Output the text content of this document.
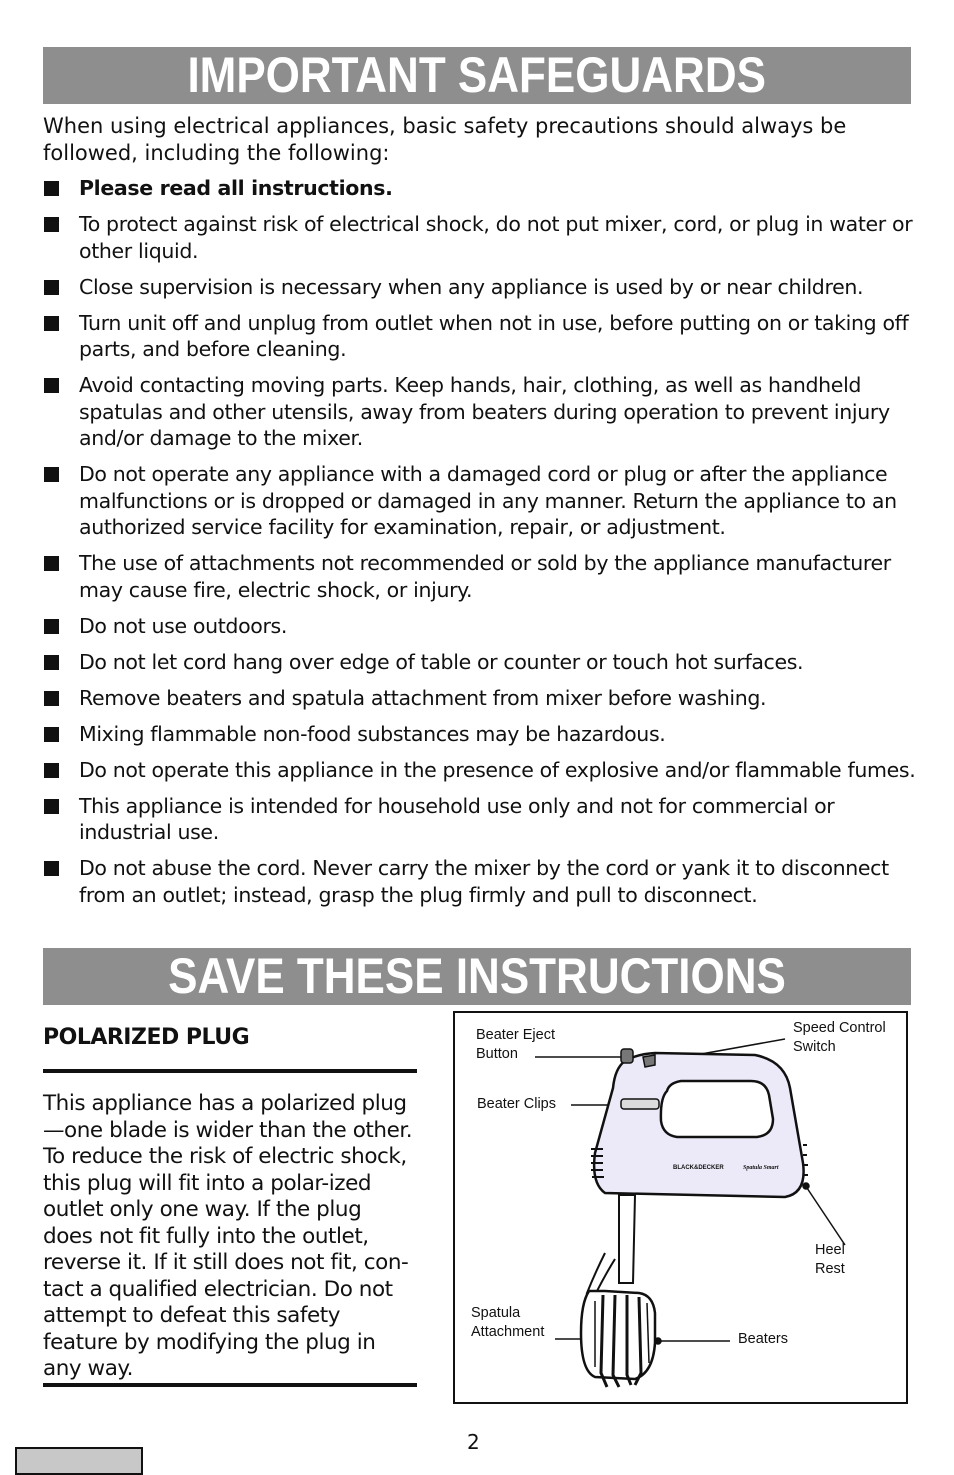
IMPORTANT SAFEGUARDS

When using electrical appliances, basic safety precautions should always be followed, including the following:

Please read all instructions.
To protect against risk of electrical shock, do not put mixer, cord, or plug in water or other liquid.
Close supervision is necessary when any appliance is used by or near children.
Turn unit off and unplug from outlet when not in use, before putting on or taking off parts, and before cleaning.
Avoid contacting moving parts. Keep hands, hair, clothing, as well as handheld spatulas and other utensils, away from beaters during operation to prevent injury and/or damage to the mixer.
Do not operate any appliance with a damaged cord or plug or after the appliance malfunctions or is dropped or damaged in any manner. Return the appliance to an authorized service facility for examination, repair, or adjustment.
The use of attachments not recommended or sold by the appliance manufacturer may cause fire, electric shock, or injury.
Do not use outdoors.
Do not let cord hang over edge of table or counter or touch hot surfaces.
Remove beaters and spatula attachment from mixer before washing.
Mixing flammable non-food substances may be hazardous.
Do not operate this appliance in the presence of explosive and/or flammable fumes.
This appliance is intended for household use only and not for commercial or industrial use.
Do not abuse the cord. Never carry the mixer by the cord or yank it to disconnect from an outlet; instead, grasp the plug firmly and pull to disconnect.
SAVE THESE INSTRUCTIONS
POLARIZED PLUG
This appliance has a polarized plug—one blade is wider than the other. To reduce the risk of electric shock, this plug will fit into a polar-ized outlet only one way. If the plug does not fit fully into the outlet, reverse it. If it still does not fit, con-tact a qualified electrician. Do not attempt to defeat this safety feature by modifying the plug in any way.
BLACK&DECKER	Spatula Smart
Beater Eject
Button
Speed Control
Switch
Beater Clips
Heel
Rest
Spatula
Attachment	Beaters
2
